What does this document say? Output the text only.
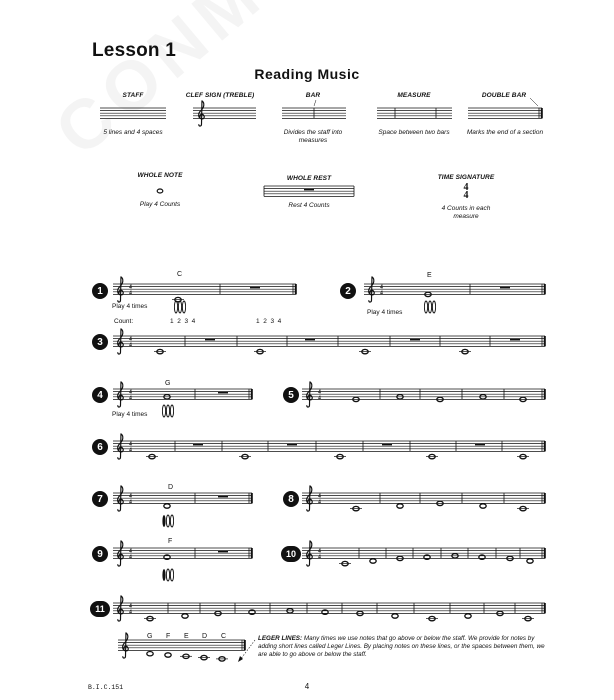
Lesson 1
Reading Music
STAFF	CLEF SIGN (TREBLE)	BAR	MEASURE	DOUBLE BAR
5 lines and 4 spaces	Divides the staff into measures
Space between two bars	Marks the end of a section
WHOLE NOTE
Play 4 Counts
WHOLE REST
Rest 4 Counts
TIME SIGNATURE
4 Counts in each measure
4
4
1	2
3
4	5
6
7	8
9	10
11
C
Play 4 times
E
Play 4 times
G
Play 4 times
D
F
Count:	1  2  3  4	1  2  3  4
G F E D C	LEGER LINES: Many times we use notes that go above or below the staff. We provide for notes by adding short lines called Leger Lines. By placing notes on these lines, or the spaces between them, we are able to go above or below the staff.
B.I.C.151	4
